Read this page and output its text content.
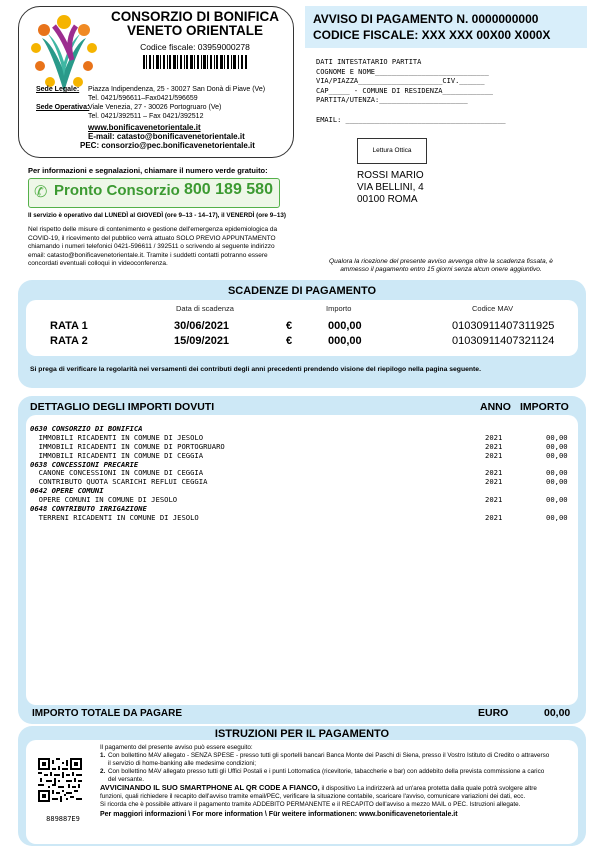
CONSORZIO DI BONIFICA
VENETO ORIENTALE
Codice fiscale: 03959000278
Sede Legale: Piazza Indipendenza, 25 - 30027 San Donà di Piave (Ve)
Tel. 0421/596611–Fax0421/596659
Sede Operativa:
Viale Venezia, 27 - 30026 Portogruaro (Ve)
Tel. 0421/392511 – Fax 0421/392512
www.bonificavenetorientale.it
E-mail: catasto@bonificavenetorientale.it
PEC: consorzio@pec.bonificavenetorientale.it
AVVISO DI PAGAMENTO N. 0000000000
CODICE FISCALE: XXX XXX 00X00 X000X
DATI INTESTATARIO PARTITA
COGNOME E NOME___________________________
VIA/PIAZZA____________________CIV.______
CAP_____ - COMUNE DI RESIDENZA____________
PARTITA/UTENZA:_____________________
EMAIL: ______________________________________
Lettura Ottica
ROSSI MARIO
VIA BELLINI, 4
00100 ROMA
Per informazioni e segnalazioni, chiamare il numero verde gratuito:
✆ Pronto Consorzio 800 189 580
Il servizio è operativo dal LUNEDÌ al GIOVEDÌ (ore 9–13 - 14–17), il VENERDÌ (ore 9–13)
Nel rispetto delle misure di contenimento e gestione dell'emergenza epidemiologica da
COVID-19, il ricevimento del pubblico verrà attuato SOLO PREVIO APPUNTAMENTO
chiamando i numeri telefonici 0421-596611 / 392511 o scrivendo al seguente indirizzo
email: catasto@bonificavenetorientale.it. Tramite i suddetti contatti potranno essere
concordati eventuali colloqui in videoconferenza.	Qualora la ricezione del presente avviso avvenga oltre la scadenza fissata, è
ammesso il pagamento entro 15 giorni senza alcun onere aggiuntivo.
SCADENZE DI PAGAMENTO
Data di scadenza	Importo	Codice MAV
RATA 1	30/06/2021	€	000,00	01030911407311925
RATA 2	15/09/2021	€	000,00	01030911407321124
Si prega di verificare la regolarità nei versamenti dei contributi degli anni precedenti prendendo visione del riepilogo nella pagina seguente.
DETTAGLIO DEGLI IMPORTI DOVUTI	ANNO IMPORTO
0630 CONSORZIO DI BONIFICA
IMMOBILI RICADENTI IN COMUNE DI JESOLO	2021	00,00
IMMOBILI RICADENTI IN COMUNE DI PORTOGRUARO	2021	00,00
IMMOBILI RICADENTI IN COMUNE DI CEGGIA	2021	00,00
0638 CONCESSIONI PRECARIE
CANONE CONCESSIONI IN COMUNE DI CEGGIA	2021	00,00
CONTRIBUTO QUOTA SCARICHI REFLUI CEGGIA	2021	00,00
0642 OPERE COMUNI
OPERE COMUNI IN COMUNE DI JESOLO	2021	00,00
0648 CONTRIBUTO IRRIGAZIONE
TERRENI RICADENTI IN COMUNE DI JESOLO	2021	00,00
IMPORTO TOTALE DA PAGARE	EURO	00,00
ISTRUZIONI PER IL PAGAMENTO
889887E9
Il pagamento del presente avviso può essere eseguito:
1. Con bollettino MAV allegato - SENZA SPESE - presso tutti gli sportelli bancari Banca Monte dei Paschi di Siena, presso il Vostro Istituto di Credito o attraverso
il servizio di home-banking alle medesime condizioni;
2. Con bollettino MAV allegato presso tutti gli Uffici Postali e i punti Lottomatica (ricevitorie, tabaccherie e bar) con addebito della prevista commissione a carico
del versante.
AVVICINANDO IL SUO SMARTPHONE AL QR CODE A FIANCO, il dispositivo La indirizzerà ad un'area protetta dalla quale potrà svolgere altre
funzioni, quali richiedere il recapito dell'avviso tramite email/PEC, verificare la situazione contabile, scaricare l'avviso, comunicare variazioni dei dati, ecc.
Si ricorda che è possibile attivare il pagamento tramite ADDEBITO PERMANENTE e il RECAPITO dell'avviso a mezzo MAIL o PEC. Istruzioni allegate.
Per maggiori informazioni \ For more information \ Für weitere informationen: www.bonificavenetorientale.it
